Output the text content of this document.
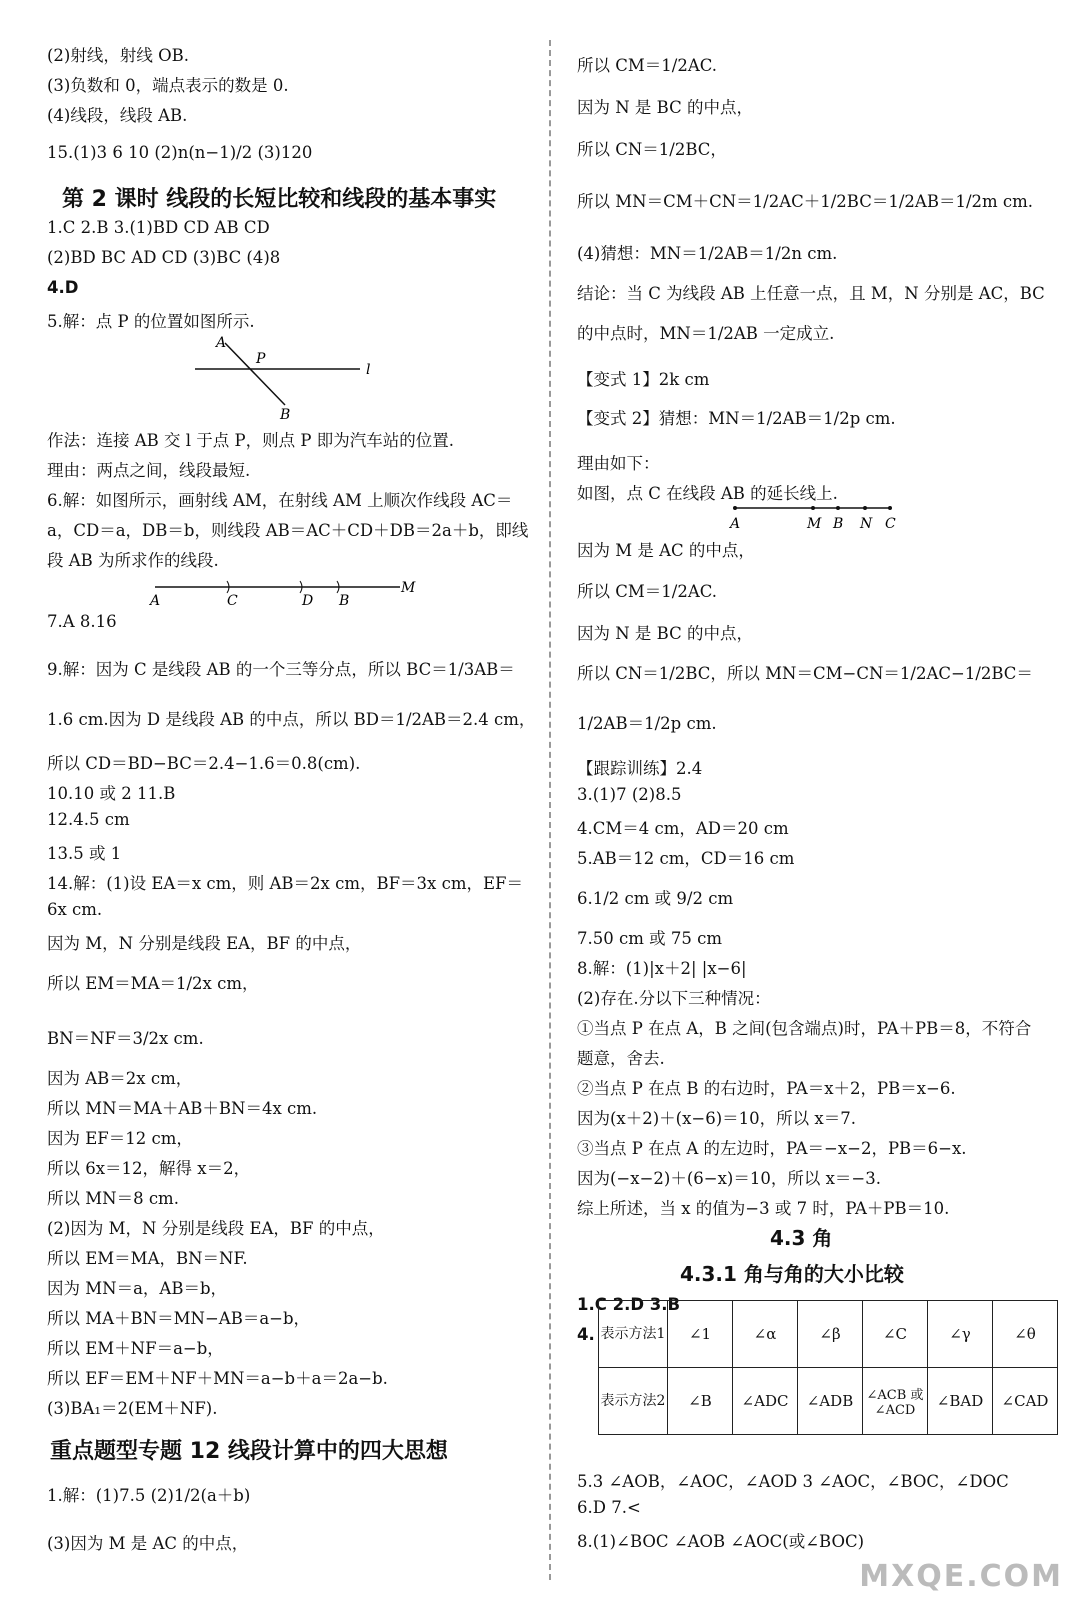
(2)射线，射线 OB.
(3)负数和 0，端点表示的数是 0.
(4)线段，线段 AB.
15.(1)3 6 10 (2)n(n−1)/2 (3)120
第 2 课时 线段的长短比较和线段的基本事实
1.C 2.B 3.(1)BD CD AB CD
(2)BD BC AD CD (3)BC (4)8
4.D
5.解：点 P 的位置如图所示.
A
P
l
B
作法：连接 AB 交 l 于点 P，则点 P 即为汽车站的位置.
理由：两点之间，线段最短.
6.解：如图所示，画射线 AM，在射线 AM 上顺次作线段 AC＝
a，CD＝a，DB＝b，则线段 AB＝AC＋CD＋DB＝2a＋b，即线
段 AB 为所求作的线段.
A	C	D B
M
7.A 8.16
9.解：因为 C 是线段 AB 的一个三等分点，所以 BC＝1/3AB＝
1.6 cm.因为 D 是线段 AB 的中点，所以 BD＝1/2AB＝2.4 cm，
所以 CD＝BD−BC＝2.4−1.6＝0.8(cm).
10.10 或 2 11.B
12.4.5 cm
13.5 或 1
14.解：(1)设 EA＝x cm，则 AB＝2x cm，BF＝3x cm，EF＝
6x cm.
因为 M，N 分别是线段 EA，BF 的中点，
所以 EM＝MA＝1/2x cm，
BN＝NF＝3/2x cm.
因为 AB＝2x cm，
所以 MN＝MA＋AB＋BN＝4x cm.
因为 EF＝12 cm，
所以 6x＝12，解得 x＝2，
所以 MN＝8 cm.
(2)因为 M，N 分别是线段 EA，BF 的中点，
所以 EM＝MA，BN＝NF.
因为 MN＝a，AB＝b，
所以 MA＋BN＝MN−AB＝a−b，
所以 EM＋NF＝a−b，
所以 EF＝EM＋NF＋MN＝a−b＋a＝2a−b.
(3)BA₁＝2(EM＋NF).
重点题型专题 12 线段计算中的四大思想
1.解：(1)7.5 (2)1/2(a＋b)
(3)因为 M 是 AC 的中点，
所以 CM＝1/2AC.
因为 N 是 BC 的中点，
所以 CN＝1/2BC，
所以 MN＝CM＋CN＝1/2AC＋1/2BC＝1/2AB＝1/2m cm.
(4)猜想：MN＝1/2AB＝1/2n cm.
结论：当 C 为线段 AB 上任意一点，且 M，N 分别是 AC，BC
的中点时，MN＝1/2AB 一定成立.
【变式 1】2k cm
【变式 2】猜想：MN＝1/2AB＝1/2p cm.
理由如下：
如图，点 C 在线段 AB 的延长线上.
A	M B N C
因为 M 是 AC 的中点，
所以 CM＝1/2AC.
因为 N 是 BC 的中点，
所以 CN＝1/2BC，所以 MN＝CM−CN＝1/2AC−1/2BC＝
1/2AB＝1/2p cm.
【跟踪训练】2.4
3.(1)7 (2)8.5
4.CM＝4 cm，AD＝20 cm
5.AB＝12 cm，CD＝16 cm
6.1/2 cm 或 9/2 cm
7.50 cm 或 75 cm
8.解：(1)|x＋2| |x−6|
(2)存在.分以下三种情况：
①当点 P 在点 A，B 之间(包含端点)时，PA＋PB＝8，不符合
题意，舍去.
②当点 P 在点 B 的右边时，PA＝x＋2，PB＝x−6.
因为(x＋2)＋(x−6)＝10，所以 x＝7.
③当点 P 在点 A 的左边时，PA＝−x−2，PB＝6−x.
因为(−x−2)＋(6−x)＝10，所以 x＝−3.
综上所述，当 x 的值为−3 或 7 时，PA＋PB＝10.
4.3 角
4.3.1 角与角的大小比较
1.C 2.D 3.B
4. 表示方法1	∠1	∠α	∠β	∠C	∠γ	∠θ
表示方法2	∠B	∠ADC	∠ADB	∠ACB 或 ∠ACD	∠BAD	∠CAD
5.3 ∠AOB，∠AOC，∠AOD 3 ∠AOC，∠BOC，∠DOC
6.D 7.<
8.(1)∠BOC ∠AOB ∠AOC(或∠BOC)
MXQE.COM
